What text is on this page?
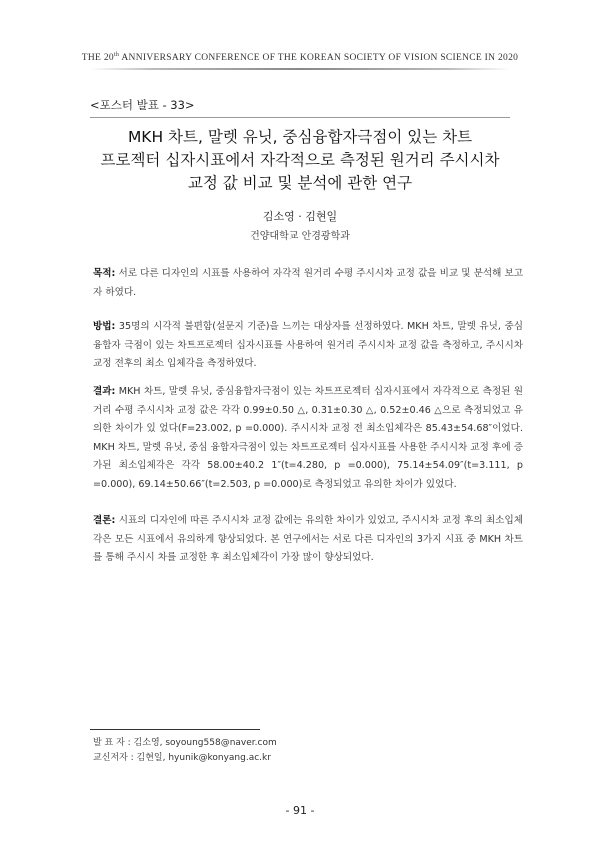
THE 20th ANNIVERSARY CONFERENCE OF THE KOREAN SOCIETY OF VISION SCIENCE IN 2020
<포스터 발표 - 33>
MKH 차트, 말렛 유닛, 중심융합자극점이 있는 차트
프로젝터 십자시표에서 자각적으로 측정된 원거리 주시시차
교정 값 비교 및 분석에 관한 연구
김소영 · 김현일
건양대학교 안경광학과
목적: 서로 다른 디자인의 시표를 사용하여 자각적 원거리 수평 주시시차 교정 값을 비교 및 분석해 보고자 하였다.
방법: 35명의 시각적 불편함(설문지 기준)을 느끼는 대상자를 선정하였다. MKH 차트, 말렛 유닛, 중심융합자 극점이 있는 차트프로젝터 십자시표를 사용하여 원거리 주시시차 교정 값을 측정하고, 주시시차 교정 전후의 최소 입체각을 측정하였다.
결과: MKH 차트, 말렛 유닛, 중심융합자극점이 있는 차트프로젝터 십자시표에서 자각적으로 측정된 원거리 수평 주시시차 교정 값은 각각 0.99±0.50 △, 0.31±0.30 △, 0.52±0.46 △으로 측정되었고 유의한 차이가 있 었다(F=23.002, p =0.000). 주시시차 교정 전 최소입체각은 85.43±54.68″이었다. MKH 차트, 말렛 유닛, 중심 융합자극점이 있는 차트프로젝터 십자시표를 사용한 주시시차 교정 후에 증가된 최소입체각은 각각 58.00±40.2 1″(t=4.280, p =0.000), 75.14±54.09″(t=3.111, p =0.000), 69.14±50.66″(t=2.503, p =0.000)로 측정되었고 유의한 차이가 있었다.
결론: 시표의 디자인에 따른 주시시차 교정 값에는 유의한 차이가 있었고, 주시시차 교정 후의 최소입체각은 모든 시표에서 유의하게 향상되었다. 본 연구에서는 서로 다른 디자인의 3가지 시표 중 MKH 차트를 통해 주시시 차를 교정한 후 최소입체각이 가장 많이 향상되었다.
발 표 자 : 김소영, soyoung558@naver.com
교신저자 : 김현일, hyunik@konyang.ac.kr
- 91 -
